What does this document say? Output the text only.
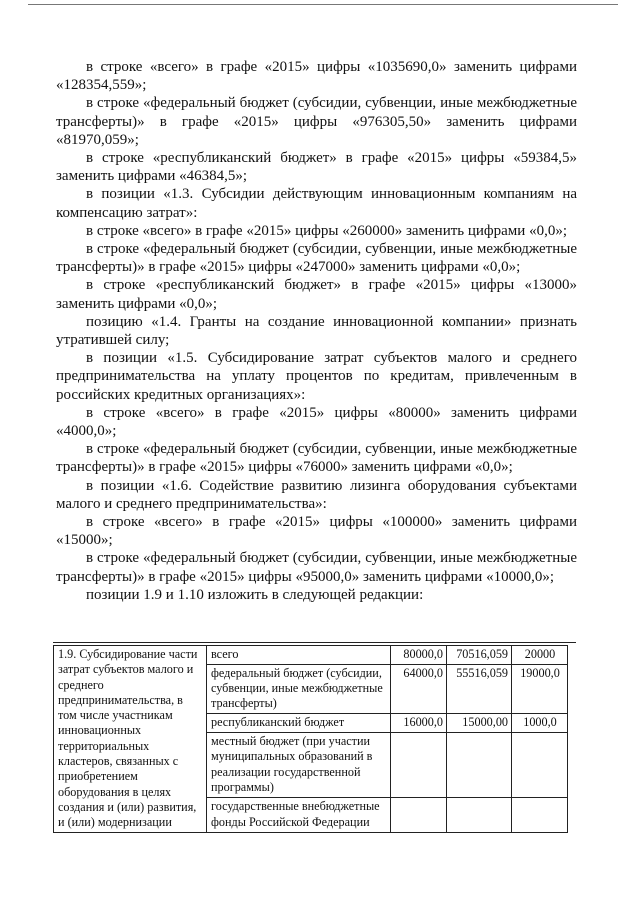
в строке «всего» в графе «2015» цифры «1035690,0» заменить цифрами «128354,559»;

в строке «федеральный бюджет (субсидии, субвенции, иные межбюджетные трансферты)» в графе «2015» цифры «976305,50» заменить цифрами «81970,059»;

в строке «республиканский бюджет» в графе «2015» цифры «59384,5» заменить цифрами «46384,5»;

в позиции «1.3. Субсидии действующим инновационным компаниям на компенсацию затрат»:

в строке «всего» в графе «2015» цифры «260000» заменить цифрами «0,0»;

в строке «федеральный бюджет (субсидии, субвенции, иные межбюджетные трансферты)» в графе «2015» цифры «247000» заменить цифрами «0,0»;

в строке «республиканский бюджет» в графе «2015» цифры «13000» заменить цифрами «0,0»;

позицию «1.4. Гранты на создание инновационной компании» признать утратившей силу;

в позиции «1.5. Субсидирование затрат субъектов малого и среднего предпринимательства на уплату процентов по кредитам, привлеченным в российских кредитных организациях»:

в строке «всего» в графе «2015» цифры «80000» заменить цифрами «4000,0»;

в строке «федеральный бюджет (субсидии, субвенции, иные межбюджетные трансферты)» в графе «2015» цифры «76000» заменить цифрами «0,0»;

в позиции «1.6. Содействие развитию лизинга оборудования субъектами малого и среднего предпринимательства»:

в строке «всего» в графе «2015» цифры «100000» заменить цифрами «15000»;

в строке «федеральный бюджет (субсидии, субвенции, иные межбюджетные трансферты)» в графе «2015» цифры «95000,0» заменить цифрами «10000,0»;

позиции 1.9 и 1.10 изложить в следующей редакции:

1.9. Субсидирование части затрат субъектов малого и среднего предпринимательства, в том числе участникам инновационных территориальных кластеров, связанных с приобретением оборудования в целях создания и (или) развития, и (или) модернизации	всего	80000,0	70516,059	20000
	федеральный бюджет (субсидии, субвенции, иные межбюджетные трансферты)	64000,0	55516,059	19000,0
	республиканский бюджет	16000,0	15000,00	1000,0
	местный бюджет (при участии муниципальных образований в реализации государственной программы)			
	государственные внебюджетные фонды Российской Федерации			
